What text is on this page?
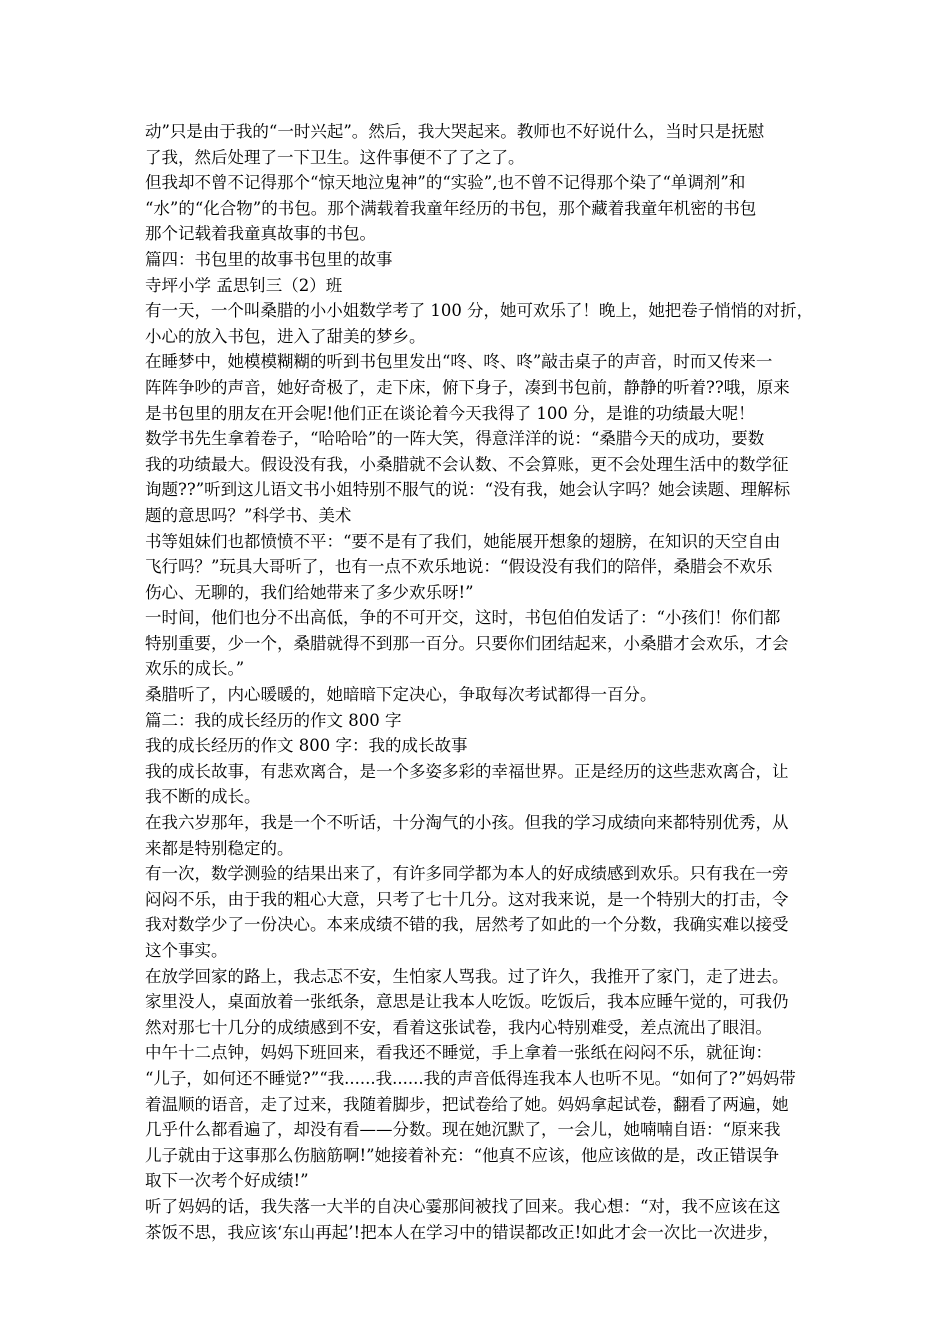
动”只是由于我的“一时兴起”。然后，我大哭起来。教师也不好说什么，当时只是抚慰
了我，然后处理了一下卫生。这件事便不了了之了。
但我却不曾不记得那个“惊天地泣鬼神”的“实验”,也不曾不记得那个染了“单调剂”和
“水”的“化合物”的书包。那个满载着我童年经历的书包，那个藏着我童年机密的书包
那个记载着我童真故事的书包。
篇四：书包里的故事书包里的故事
寺坪小学 孟思钊三（2）班
有一天，一个叫桑腊的小小姐数学考了 100 分，她可欢乐了！晚上，她把卷子悄悄的对折，
小心的放入书包，进入了甜美的梦乡。
在睡梦中，她模模糊糊的听到书包里发出“咚、咚、咚”敲击桌子的声音，时而又传来一
阵阵争吵的声音，她好奇极了，走下床，俯下身子，凑到书包前，静静的听着??哦，原来
是书包里的朋友在开会呢!他们正在谈论着今天我得了 100 分，是谁的功绩最大呢！
数学书先生拿着卷子，“哈哈哈”的一阵大笑，得意洋洋的说：“桑腊今天的成功，要数
我的功绩最大。假设没有我，小桑腊就不会认数、不会算账，更不会处理生活中的数学征
询题??”听到这儿语文书小姐特别不服气的说：“没有我，她会认字吗？她会读题、理解标
题的意思吗？”科学书、美术
书等姐妹们也都愤愤不平：“要不是有了我们，她能展开想象的翅膀，在知识的天空自由
飞行吗？”玩具大哥听了，也有一点不欢乐地说：“假设没有我们的陪伴，桑腊会不欢乐
伤心、无聊的，我们给她带来了多少欢乐呀!”
一时间，他们也分不出高低，争的不可开交，这时，书包伯伯发话了：“小孩们！你们都
特别重要，少一个，桑腊就得不到那一百分。只要你们团结起来，小桑腊才会欢乐，才会
欢乐的成长。”
桑腊听了，内心暖暖的，她暗暗下定决心，争取每次考试都得一百分。
篇二：我的成长经历的作文 800 字
我的成长经历的作文 800 字：我的成长故事
我的成长故事，有悲欢离合，是一个多姿多彩的幸福世界。正是经历的这些悲欢离合，让
我不断的成长。
在我六岁那年，我是一个不听话，十分淘气的小孩。但我的学习成绩向来都特别优秀，从
来都是特别稳定的。
有一次，数学测验的结果出来了，有许多同学都为本人的好成绩感到欢乐。只有我在一旁
闷闷不乐，由于我的粗心大意，只考了七十几分。这对我来说，是一个特别大的打击，令
我对数学少了一份决心。本来成绩不错的我，居然考了如此的一个分数，我确实难以接受
这个事实。
在放学回家的路上，我忐忑不安，生怕家人骂我。过了许久，我推开了家门，走了进去。
家里没人，桌面放着一张纸条，意思是让我本人吃饭。吃饭后，我本应睡午觉的，可我仍
然对那七十几分的成绩感到不安，看着这张试卷，我内心特别难受，差点流出了眼泪。
中午十二点钟，妈妈下班回来，看我还不睡觉，手上拿着一张纸在闷闷不乐，就征询：
“儿子，如何还不睡觉?”“我......我......我的声音低得连我本人也听不见。“如何了?”妈妈带
着温顺的语音，走了过来，我随着脚步，把试卷给了她。妈妈拿起试卷，翻看了两遍，她
几乎什么都看遍了，却没有看——分数。现在她沉默了，一会儿，她喃喃自语：“原来我
儿子就由于这事那么伤脑筋啊!”她接着补充：“他真不应该，他应该做的是，改正错误争
取下一次考个好成绩!”
听了妈妈的话，我失落一大半的自决心霎那间被找了回来。我心想：“对，我不应该在这
茶饭不思，我应该‘东山再起’!把本人在学习中的错误都改正!如此才会一次比一次进步，
